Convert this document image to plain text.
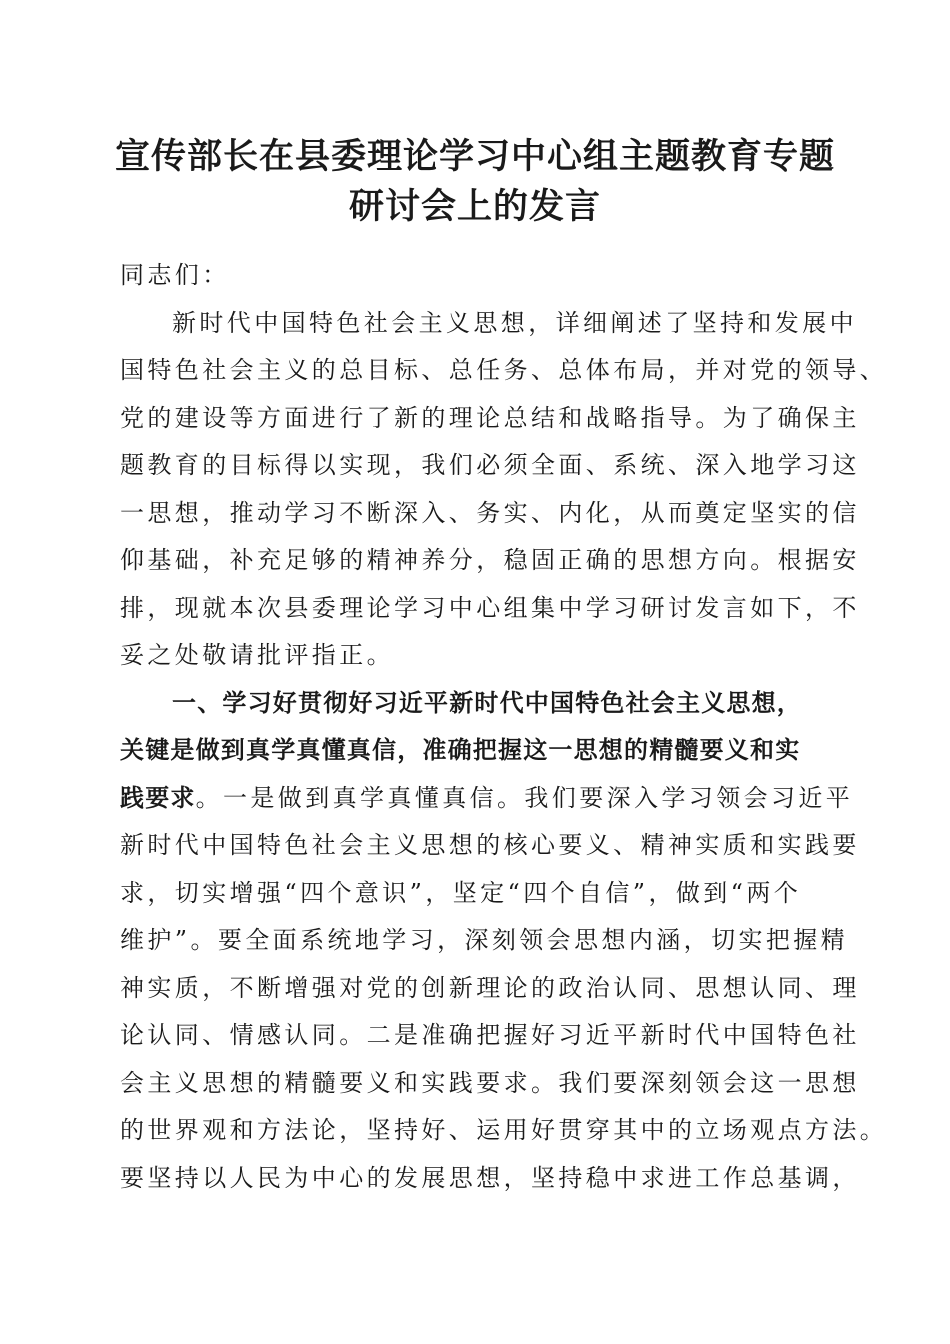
宣传部长在县委理论学习中心组主题教育专题
研讨会上的发言
同志们：
新时代中国特色社会主义思想，详细阐述了坚持和发展中
国特色社会主义的总目标、总任务、总体布局，并对党的领导、
党的建设等方面进行了新的理论总结和战略指导。为了确保主
题教育的目标得以实现，我们必须全面、系统、深入地学习这
一思想，推动学习不断深入、务实、内化，从而奠定坚实的信
仰基础，补充足够的精神养分，稳固正确的思想方向。根据安
排，现就本次县委理论学习中心组集中学习研讨发言如下，不
妥之处敬请批评指正。
一、学习好贯彻好习近平新时代中国特色社会主义思想，
关键是做到真学真懂真信，准确把握这一思想的精髓要义和实
践要求。一是做到真学真懂真信。我们要深入学习领会习近平
新时代中国特色社会主义思想的核心要义、精神实质和实践要
求，切实增强“四个意识”，坚定“四个自信”，做到“两个
维护”。要全面系统地学习，深刻领会思想内涵，切实把握精
神实质，不断增强对党的创新理论的政治认同、思想认同、理
论认同、情感认同。二是准确把握好习近平新时代中国特色社
会主义思想的精髓要义和实践要求。我们要深刻领会这一思想
的世界观和方法论，坚持好、运用好贯穿其中的立场观点方法。
要坚持以人民为中心的发展思想，坚持稳中求进工作总基调，
